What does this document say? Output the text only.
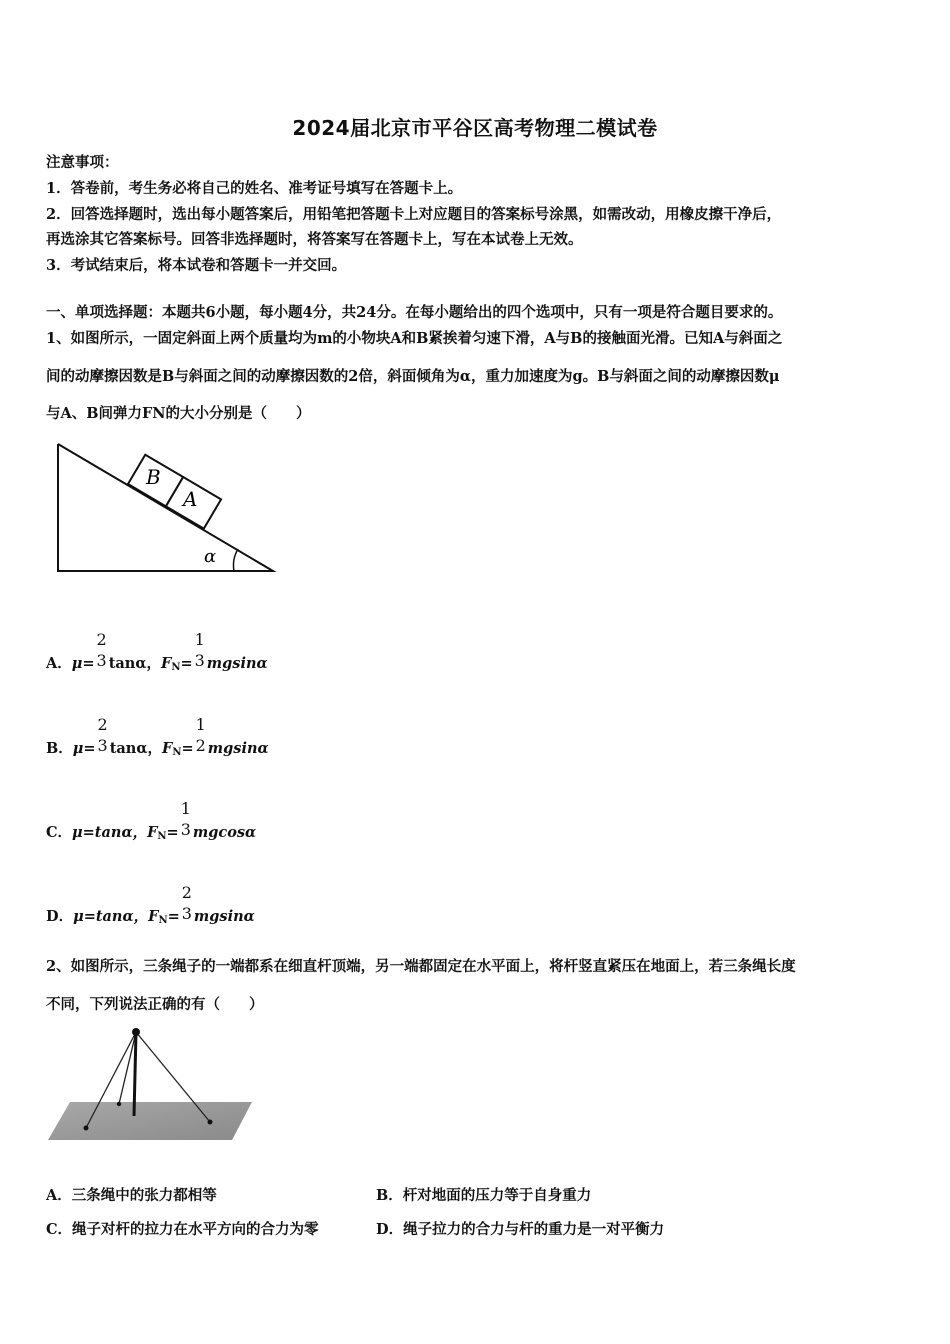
2024届北京市平谷区高考物理二模试卷
注意事项：
1．答卷前，考生务必将自己的姓名、准考证号填写在答题卡上。
2．回答选择题时，选出每小题答案后，用铅笔把答题卡上对应题目的答案标号涂黑，如需改动，用橡皮擦干净后，
再选涂其它答案标号。回答非选择题时，将答案写在答题卡上，写在本试卷上无效。
3．考试结束后，将本试卷和答题卡一并交回。
一、单项选择题：本题共6小题，每小题4分，共24分。在每小题给出的四个选项中，只有一项是符合题目要求的。
1、如图所示，一固定斜面上两个质量均为m的小物块A和B紧挨着匀速下滑，A与B的接触面光滑。已知A与斜面之
间的动摩擦因数是B与斜面之间的动摩擦因数的2倍，斜面倾角为α，重力加速度为g。B与斜面之间的动摩擦因数μ
与A、B间弹力FN的大小分别是（　　）
B
A
α
A．μ=
2
3 tanα，$F_N=$
1
3 mgsinα
B．μ=
2
3 tanα，$F_N=$
1
2 mgsinα
C．μ=tanα，$F_N=$
1
3 mgcosα
D．μ=tanα，$F_N=$
2
3 mgsinα
2、如图所示，三条绳子的一端都系在细直杆顶端，另一端都固定在水平面上，将杆竖直紧压在地面上，若三条绳长度
不同，下列说法正确的有（　　）
A．三条绳中的张力都相等	B．杆对地面的压力等于自身重力
C．绳子对杆的拉力在水平方向的合力为零	D．绳子拉力的合力与杆的重力是一对平衡力
